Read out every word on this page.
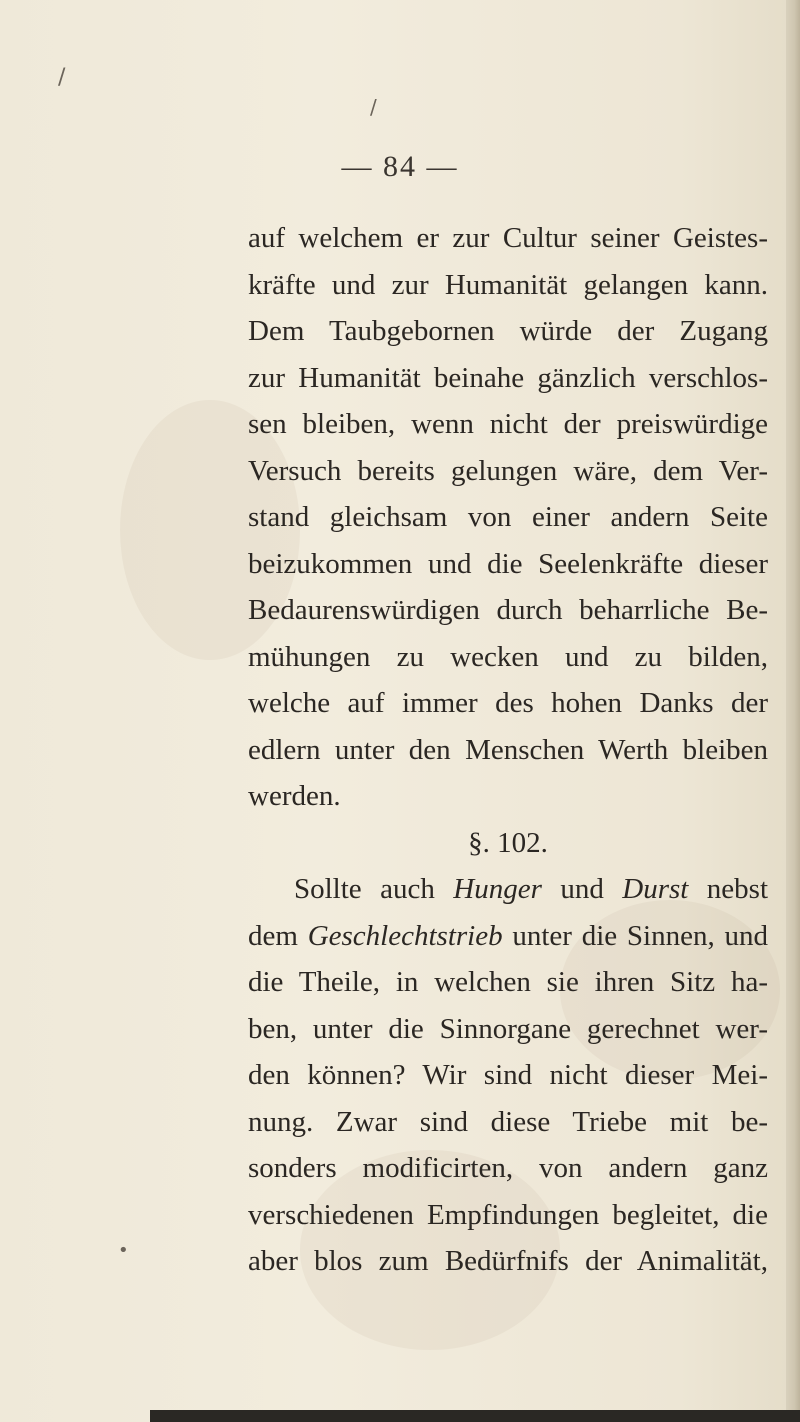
/
/
•
— 84 —
auf welchem er zur Cultur seiner Geistes-
kräfte und zur Humanität gelangen kann.
Dem Taubgebornen würde der Zugang
zur Humanität beinahe gänzlich verschlos-
sen bleiben, wenn nicht der preiswürdige
Versuch bereits gelungen wäre, dem Ver-
stand gleichsam von einer andern Seite
beizukommen und die Seelenkräfte dieser
Bedaurenswürdigen durch beharrliche Be-
mühungen zu wecken und zu bilden,
welche auf immer des hohen Danks der
edlern unter den Menschen Werth bleiben
werden.
§. 102.
Sollte auch Hunger und Durst nebst
dem Geschlechtstrieb unter die Sinnen, und
die Theile, in welchen sie ihren Sitz ha-
ben, unter die Sinnorgane gerechnet wer-
den können? Wir sind nicht dieser Mei-
nung. Zwar sind diese Triebe mit be-
sonders modificirten, von andern ganz
verschiedenen Empfindungen begleitet, die
aber blos zum Bedürfnifs der Animalität,
